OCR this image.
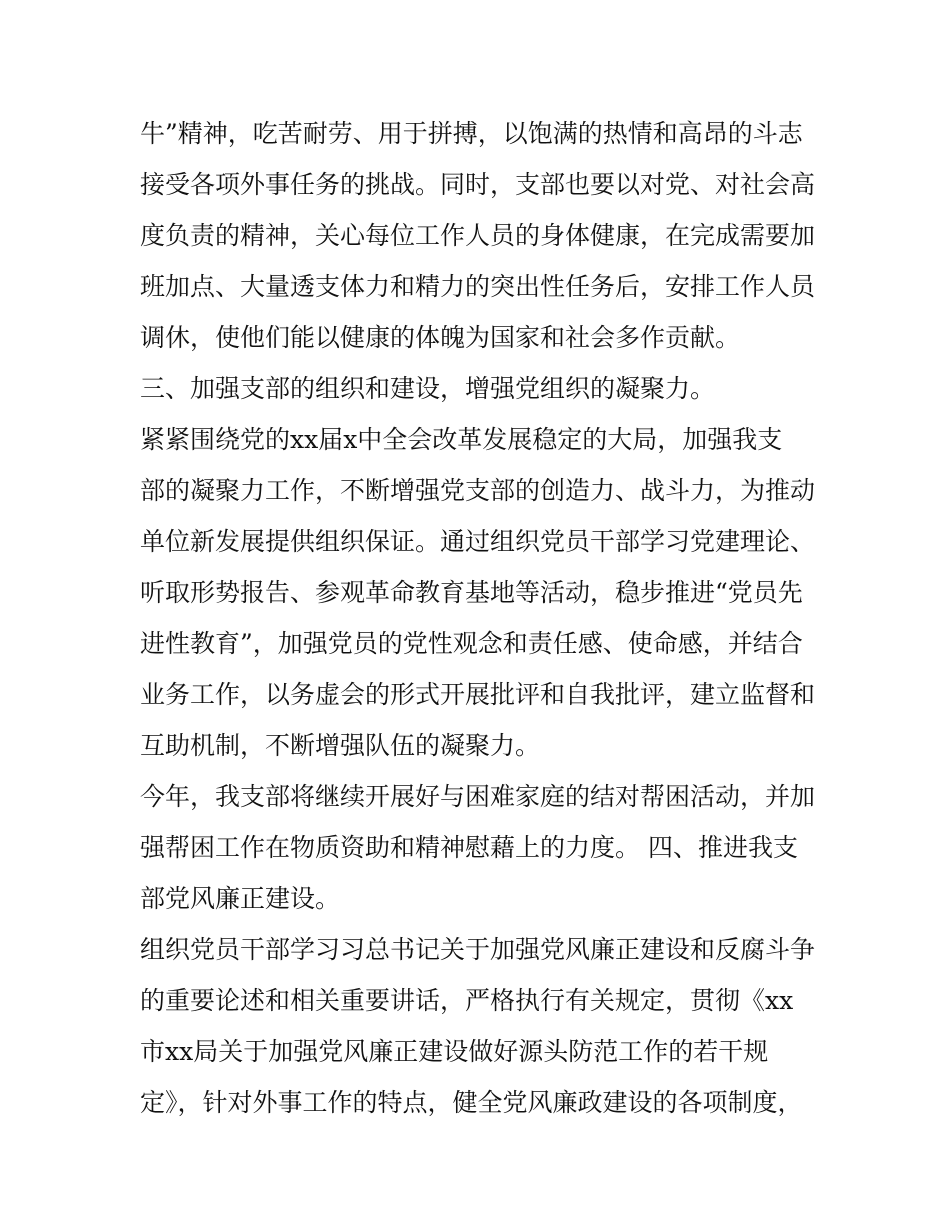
牛”精神，吃苦耐劳、用于拼搏，以饱满的热情和高昂的斗志
接受各项外事任务的挑战。同时，支部也要以对党、对社会高
度负责的精神，关心每位工作人员的身体健康，在完成需要加
班加点、大量透支体力和精力的突出性任务后，安排工作人员
调休，使他们能以健康的体魄为国家和社会多作贡献。
三、加强支部的组织和建设，增强党组织的凝聚力。
紧紧围绕党的xx届x中全会改革发展稳定的大局，加强我支
部的凝聚力工作，不断增强党支部的创造力、战斗力，为推动
单位新发展提供组织保证。通过组织党员干部学习党建理论、
听取形势报告、参观革命教育基地等活动，稳步推进“党员先
进性教育”，加强党员的党性观念和责任感、使命感，并结合
业务工作，以务虚会的形式开展批评和自我批评，建立监督和
互助机制，不断增强队伍的凝聚力。
今年，我支部将继续开展好与困难家庭的结对帮困活动，并加
强帮困工作在物质资助和精神慰藉上的力度。 四、推进我支
部党风廉正建设。
组织党员干部学习习总书记关于加强党风廉正建设和反腐斗争
的重要论述和相关重要讲话，严格执行有关规定，贯彻《xx
市xx局关于加强党风廉正建设做好源头防范工作的若干规
定》，针对外事工作的特点，健全党风廉政建设的各项制度，
